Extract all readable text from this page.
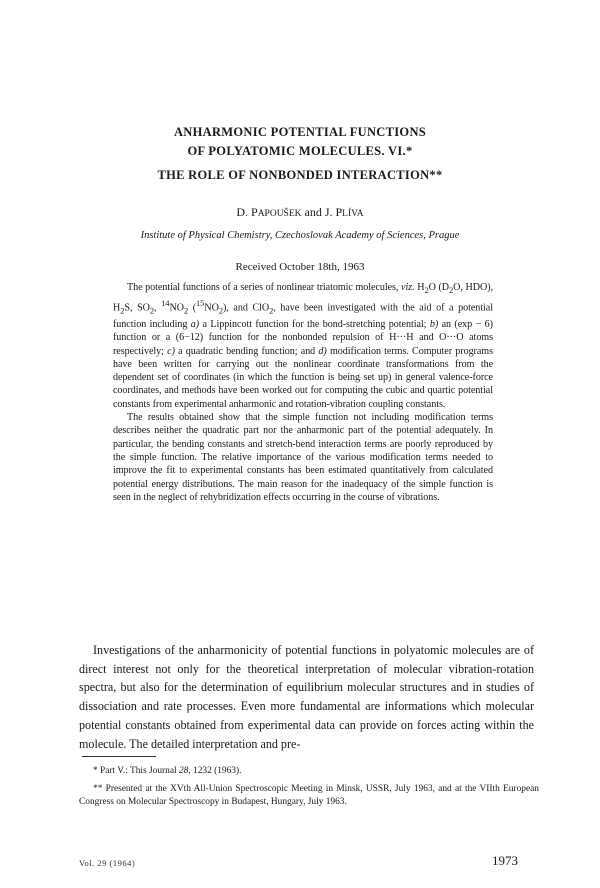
ANHARMONIC POTENTIAL FUNCTIONS
OF POLYATOMIC MOLECULES. VI.*
THE ROLE OF NONBONDED INTERACTION**
D. PAPOUŠEK and J. PLÍVA
Institute of Physical Chemistry, Czechoslovak Academy of Sciences, Prague
Received October 18th, 1963

The potential functions of a series of nonlinear triatomic molecules, viz. $H_2O$ ($D_2O$, HDO), $H_2S$, $SO_2$, $^{14}NO_2$ $(^{15}NO_2)$, and ClO$_2$, have been investigated with the aid of a potential function including a) a Lippincott function for the bond-stretching potential; b) an (exp − 6) function or a (6−12) function for the nonbonded repulsion of H···H and O···O atoms respectively; c) a quadratic bending function; and d) modification terms. Computer programs have been written for carrying out the nonlinear coordinate transformations from the dependent set of coordinates (in which the function is being set up) in general valence-force coordinates, and methods have been worked out for computing the cubic and quartic potential constants from experimental anharmonic and rotation-vibration coupling constants.

The results obtained show that the simple function not including modification terms describes neither the quadratic part nor the anharmonic part of the potential adequately. In particular, the bending constants and stretch-bend interaction terms are poorly reproduced by the simple function. The relative importance of the various modification terms needed to improve the fit to experimental constants has been estimated quantitatively from calculated potential energy distributions. The main reason for the inadequacy of the simple function is seen in the neglect of rehybridization effects occurring in the course of vibrations.

Investigations of the anharmonicity of potential functions in polyatomic molecules are of direct interest not only for the theoretical interpretation of molecular vibration-rotation spectra, but also for the determination of equilibrium molecular structures and in studies of dissociation and rate processes. Even more fundamental are informations which molecular potential constants obtained from experimental data can provide on forces acting within the molecule. The detailed interpretation and pre-

* Part V.: This Journal 28, 1232 (1963).

** Presented at the XVth All-Union Spectroscopic Meeting in Minsk, USSR, July 1963, and at the VIIth European Congress on Molecular Spectroscopy in Budapest, Hungary, July 1963.

Vol. 29 (1964)	1973
